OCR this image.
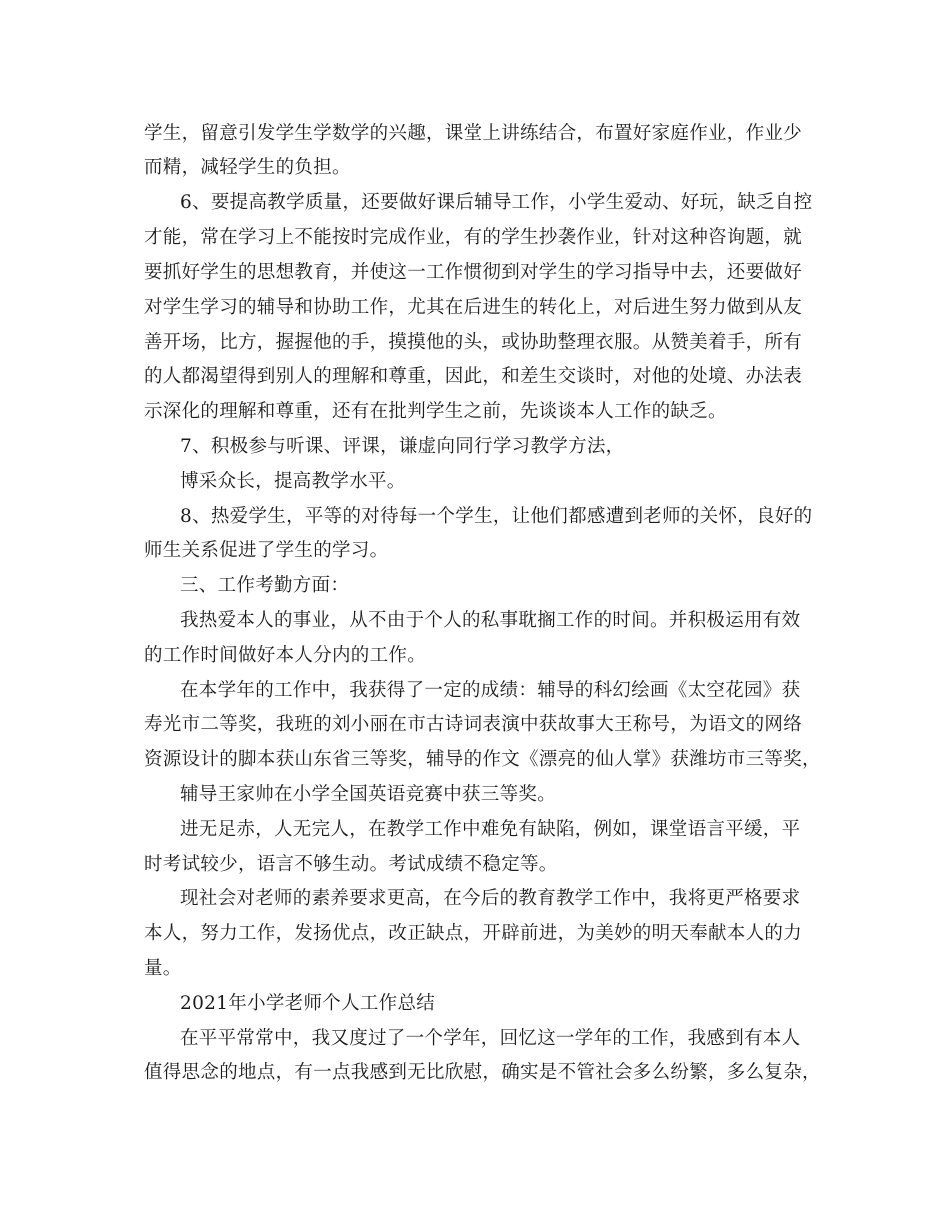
学生，留意引发学生学数学的兴趣，课堂上讲练结合，布置好家庭作业，作业少
而精，减轻学生的负担。
6、要提高教学质量，还要做好课后辅导工作，小学生爱动、好玩，缺乏自控
才能，常在学习上不能按时完成作业，有的学生抄袭作业，针对这种咨询题，就
要抓好学生的思想教育，并使这一工作惯彻到对学生的学习指导中去，还要做好
对学生学习的辅导和协助工作，尤其在后进生的转化上，对后进生努力做到从友
善开场，比方，握握他的手，摸摸他的头，或协助整理衣服。从赞美着手，所有
的人都渴望得到别人的理解和尊重，因此，和差生交谈时，对他的处境、办法表
示深化的理解和尊重，还有在批判学生之前，先谈谈本人工作的缺乏。
7、积极参与听课、评课，谦虚向同行学习教学方法，
博采众长，提高教学水平。
8、热爱学生，平等的对待每一个学生，让他们都感遭到老师的关怀，良好的
师生关系促进了学生的学习。
三、工作考勤方面：
我热爱本人的事业，从不由于个人的私事耽搁工作的时间。并积极运用有效
的工作时间做好本人分内的工作。
在本学年的工作中，我获得了一定的成绩：辅导的科幻绘画《太空花园》获
寿光市二等奖，我班的刘小丽在市古诗词表演中获故事大王称号，为语文的网络
资源设计的脚本获山东省三等奖，辅导的作文《漂亮的仙人掌》获潍坊市三等奖，
辅导王家帅在小学全国英语竞赛中获三等奖。
进无足赤，人无完人，在教学工作中难免有缺陷，例如，课堂语言平缓，平
时考试较少，语言不够生动。考试成绩不稳定等。
现社会对老师的素养要求更高，在今后的教育教学工作中，我将更严格要求
本人，努力工作，发扬优点，改正缺点，开辟前进，为美妙的明天奉献本人的力
量。
2021年小学老师个人工作总结
在平平常常中，我又度过了一个学年，回忆这一学年的工作，我感到有本人
值得思念的地点，有一点我感到无比欣慰，确实是不管社会多么纷繁，多么复杂，
